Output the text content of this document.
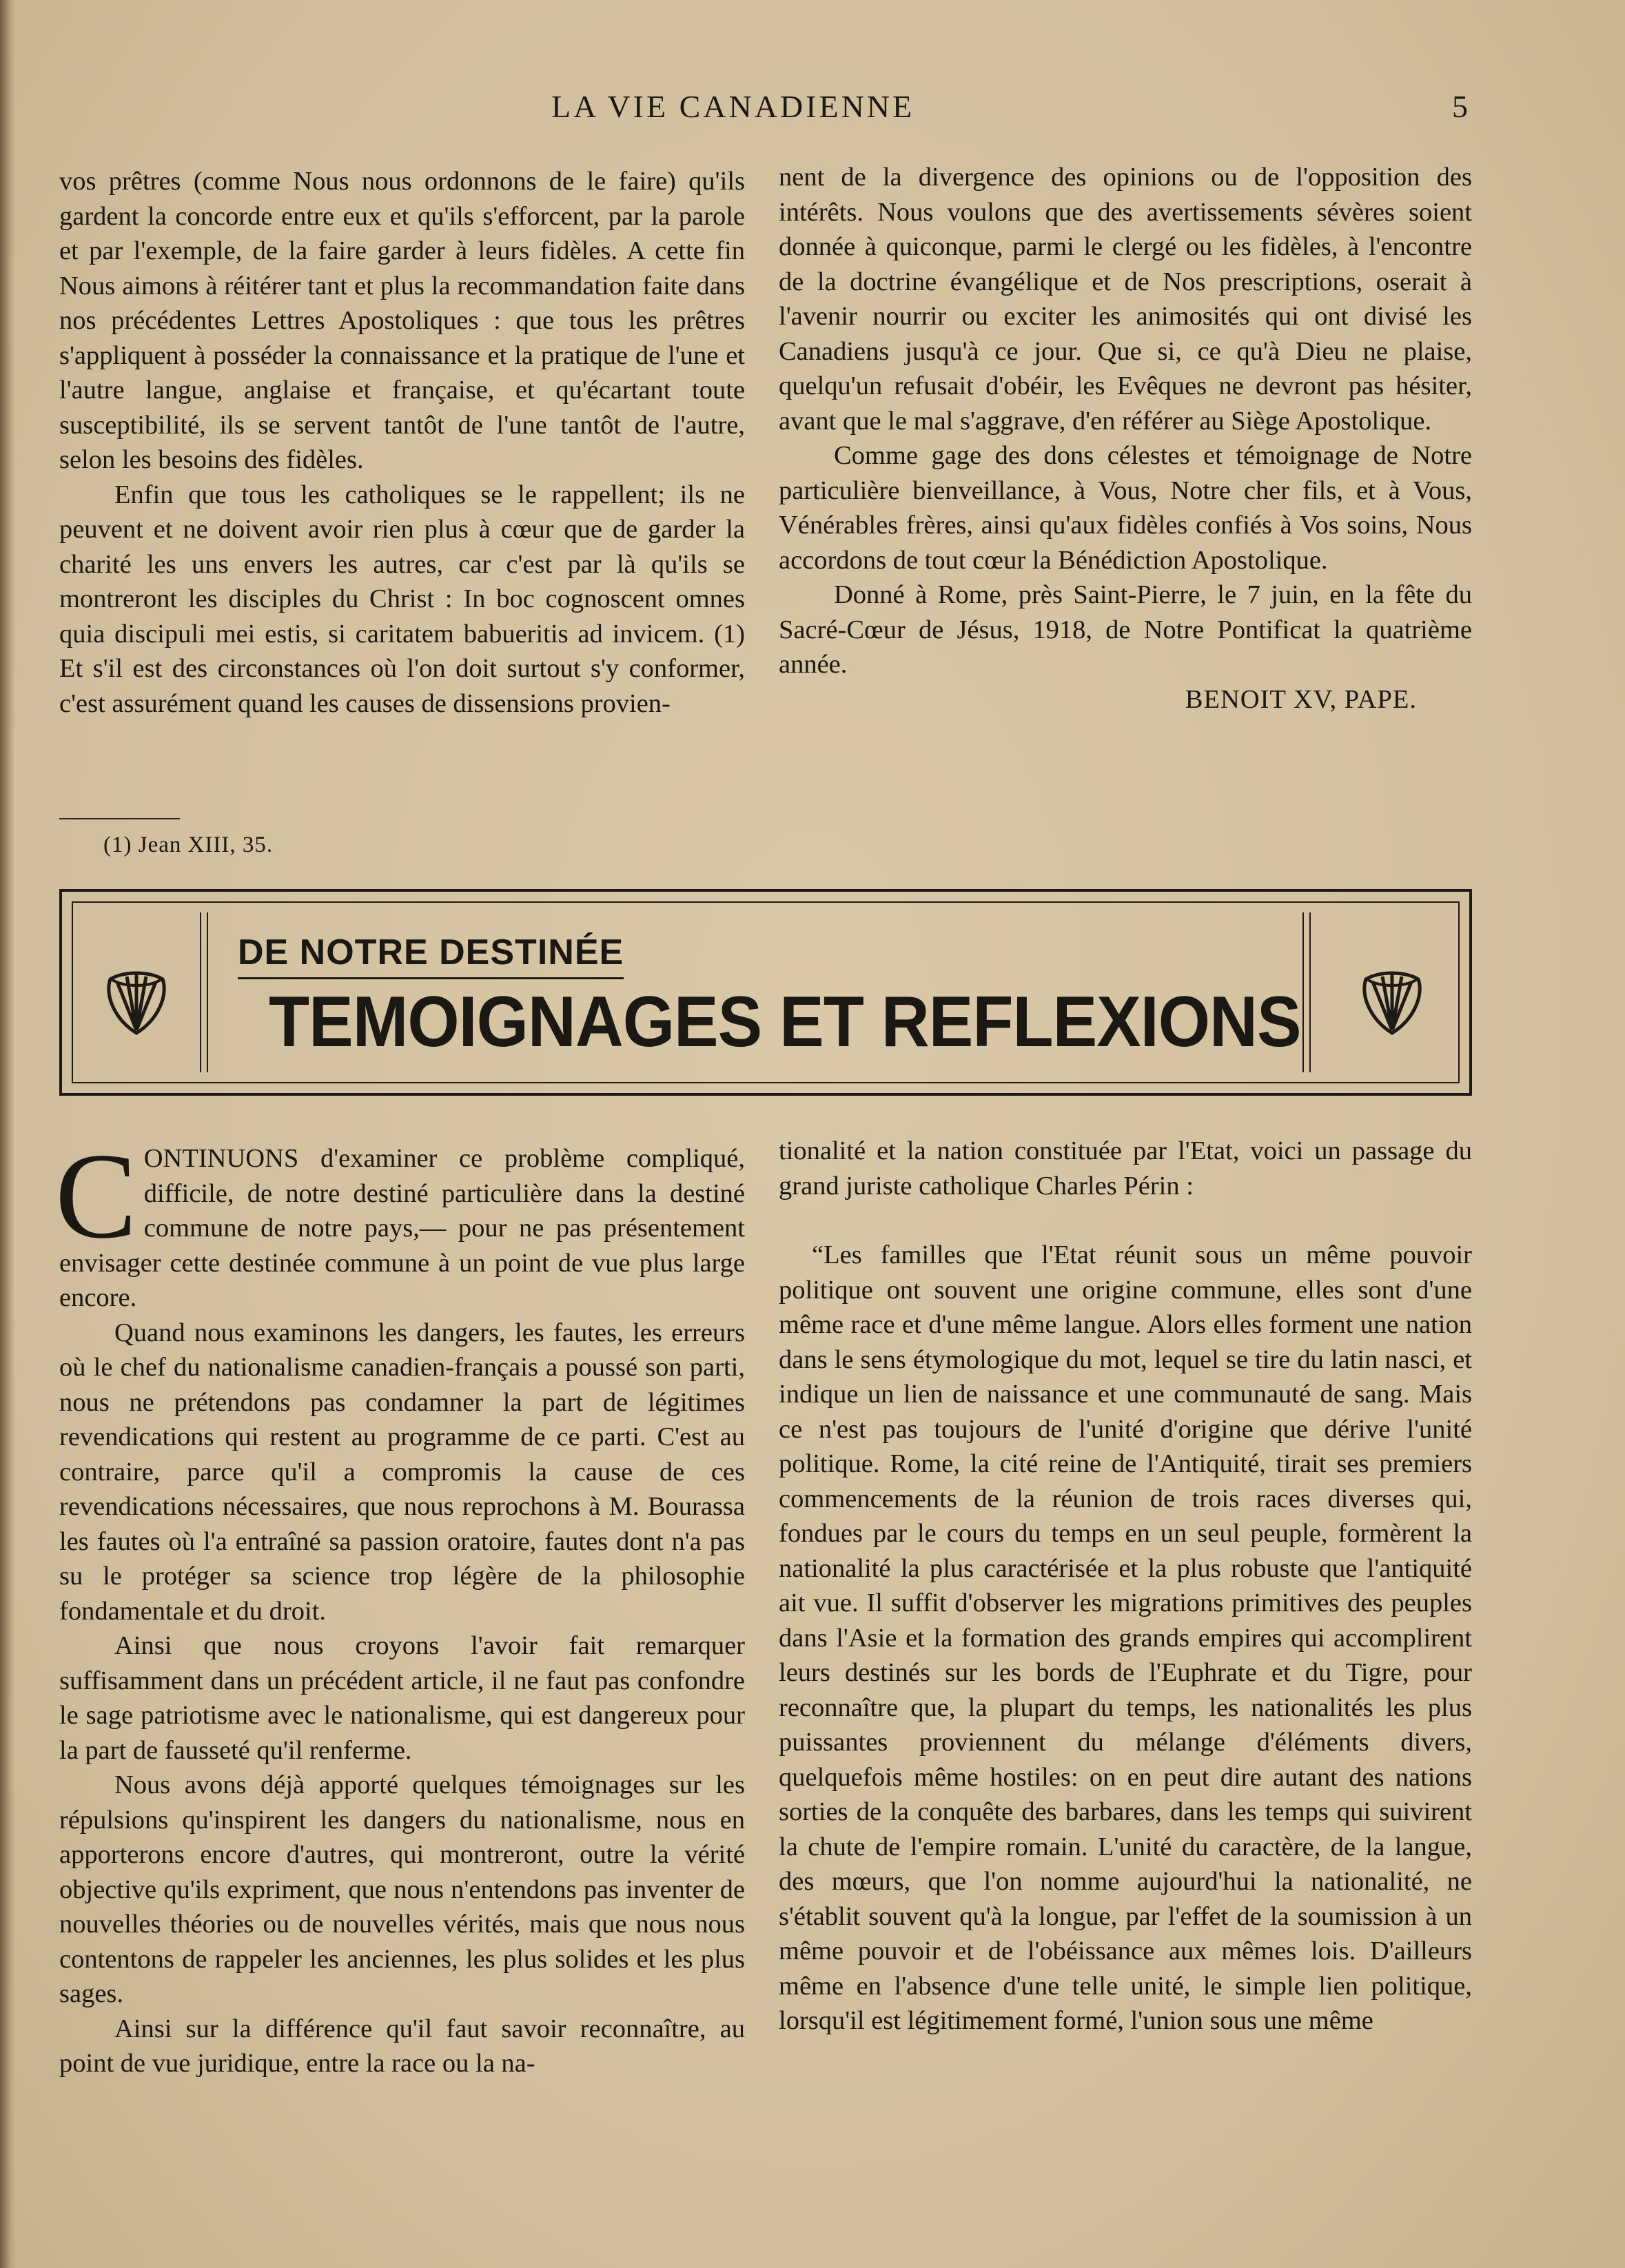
LA VIE CANADIENNE	5

vos prêtres (comme Nous nous ordonnons de le faire) qu'ils gardent la concorde entre eux et qu'ils s'efforcent, par la parole et par l'exemple, de la faire garder à leurs fidèles. A cette fin Nous aimons à réitérer tant et plus la recommandation faite dans nos précédentes Lettres Apostoliques : que tous les prêtres s'appliquent à posséder la connaissance et la pratique de l'une et l'autre langue, anglaise et française, et qu'écartant toute susceptibilité, ils se servent tantôt de l'une tantôt de l'autre, selon les besoins des fidèles.

Enfin que tous les catholiques se le rappellent; ils ne peuvent et ne doivent avoir rien plus à cœur que de garder la charité les uns envers les autres, car c'est par là qu'ils se montreront les disciples du Christ : In boc cognoscent omnes quia discipuli mei estis, si caritatem babueritis ad invicem. (1) Et s'il est des circonstances où l'on doit surtout s'y conformer, c'est assurément quand les causes de dissensions provien-

(1) Jean XIII, 35.

nent de la divergence des opinions ou de l'opposition des intérêts. Nous voulons que des avertissements sévères soient donnée à quiconque, parmi le clergé ou les fidèles, à l'encontre de la doctrine évangélique et de Nos prescriptions, oserait à l'avenir nourrir ou exciter les animosités qui ont divisé les Canadiens jusqu'à ce jour. Que si, ce qu'à Dieu ne plaise, quelqu'un refusait d'obéir, les Evêques ne devront pas hésiter, avant que le mal s'aggrave, d'en référer au Siège Apostolique.

Comme gage des dons célestes et témoignage de Notre particulière bienveillance, à Vous, Notre cher fils, et à Vous, Vénérables frères, ainsi qu'aux fidèles confiés à Vos soins, Nous accordons de tout cœur la Bénédiction Apostolique.

Donné à Rome, près Saint-Pierre, le 7 juin, en la fête du Sacré-Cœur de Jésus, 1918, de Notre Pontificat la quatrième année.

BENOIT XV, PAPE.

DE NOTRE DESTINÉE
TEMOIGNAGES ET REFLEXIONS

CONTINUONS d'examiner ce problème compliqué, difficile, de notre destiné particulière dans la destiné commune de notre pays,— pour ne pas présentement envisager cette destinée commune à un point de vue plus large encore.

Quand nous examinons les dangers, les fautes, les erreurs où le chef du nationalisme canadien-français a poussé son parti, nous ne prétendons pas condamner la part de légitimes revendications qui restent au programme de ce parti. C'est au contraire, parce qu'il a compromis la cause de ces revendications nécessaires, que nous reprochons à M. Bourassa les fautes où l'a entraîné sa passion oratoire, fautes dont n'a pas su le protéger sa science trop légère de la philosophie fondamentale et du droit.

Ainsi que nous croyons l'avoir fait remarquer suffisamment dans un précédent article, il ne faut pas confondre le sage patriotisme avec le nationalisme, qui est dangereux pour la part de fausseté qu'il renferme.

Nous avons déjà apporté quelques témoignages sur les répulsions qu'inspirent les dangers du nationalisme, nous en apporterons encore d'autres, qui montreront, outre la vérité objective qu'ils expriment, que nous n'entendons pas inventer de nouvelles théories ou de nouvelles vérités, mais que nous nous contentons de rappeler les anciennes, les plus solides et les plus sages.

Ainsi sur la différence qu'il faut savoir reconnaître, au point de vue juridique, entre la race ou la na-

tionalité et la nation constituée par l'Etat, voici un passage du grand juriste catholique Charles Périn :

“Les familles que l'Etat réunit sous un même pouvoir politique ont souvent une origine commune, elles sont d'une même race et d'une même langue. Alors elles forment une nation dans le sens étymologique du mot, lequel se tire du latin nasci, et indique un lien de naissance et une communauté de sang. Mais ce n'est pas toujours de l'unité d'origine que dérive l'unité politique. Rome, la cité reine de l'Antiquité, tirait ses premiers commencements de la réunion de trois races diverses qui, fondues par le cours du temps en un seul peuple, formèrent la nationalité la plus caractérisée et la plus robuste que l'antiquité ait vue. Il suffit d'observer les migrations primitives des peuples dans l'Asie et la formation des grands empires qui accomplirent leurs destinés sur les bords de l'Euphrate et du Tigre, pour reconnaître que, la plupart du temps, les nationalités les plus puissantes proviennent du mélange d'éléments divers, quelquefois même hostiles: on en peut dire autant des nations sorties de la conquête des barbares, dans les temps qui suivirent la chute de l'empire romain. L'unité du caractère, de la langue, des mœurs, que l'on nomme aujourd'hui la nationalité, ne s'établit souvent qu'à la longue, par l'effet de la soumission à un même pouvoir et de l'obéissance aux mêmes lois. D'ailleurs même en l'absence d'une telle unité, le simple lien politique, lorsqu'il est légitimement formé, l'union sous une même
